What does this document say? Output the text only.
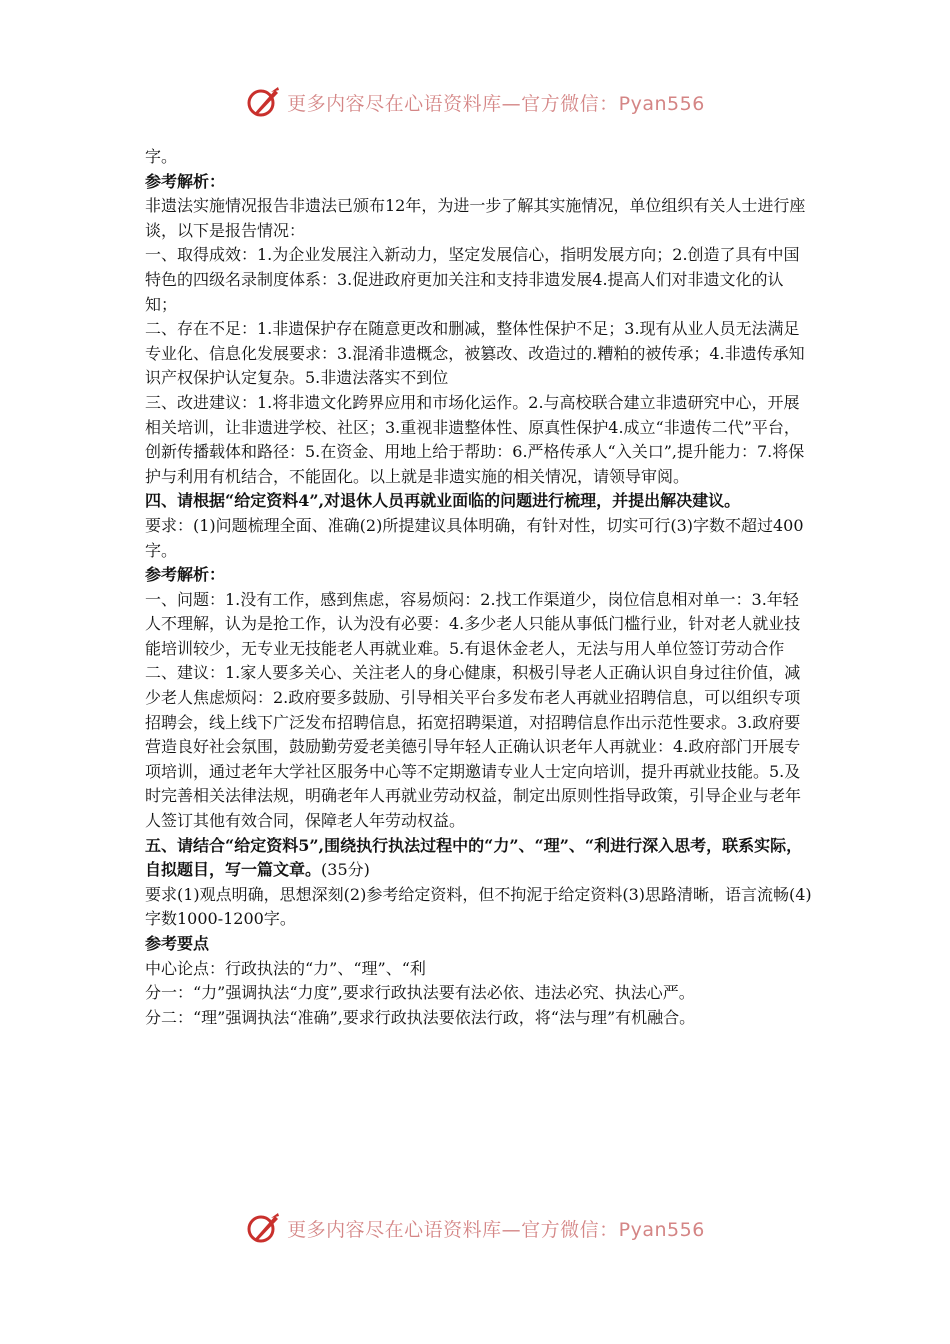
更多内容尽在心语资料库—官方微信：Pyan556

字。

参考解析：

非遗法实施情况报告非遗法已颁布12年，为进一步了解其实施情况，单位组织有关人士进行座谈，以下是报告情况：

一、取得成效：1.为企业发展注入新动力，坚定发展信心，指明发展方向；2.创造了具有中国特色的四级名录制度体系：3.促进政府更加关注和支持非遗发展4.提高人们对非遗文化的认知；

二、存在不足：1.非遗保护存在随意更改和删减，整体性保护不足；3.现有从业人员无法满足专业化、信息化发展要求：3.混淆非遗概念，被篡改、改造过的.糟粕的被传承；4.非遗传承知识产权保护认定复杂。5.非遗法落实不到位

三、改进建议：1.将非遗文化跨界应用和市场化运作。2.与高校联合建立非遗研究中心，开展相关培训，让非遗进学校、社区；3.重视非遗整体性、原真性保护4.成立“非遗传二代”平台，创新传播载体和路径：5.在资金、用地上给于帮助：6.严格传承人“入关口”,提升能力：7.将保护与利用有机结合，不能固化。以上就是非遗实施的相关情况，请领导审阅。

四、请根据“给定资料4”,对退休人员再就业面临的问题进行梳理，并提出解决建议。

要求：(1)问题梳理全面、准确(2)所提建议具体明确，有针对性，切实可行(3)字数不超过400字。

参考解析：

一、问题：1.没有工作，感到焦虑，容易烦闷：2.找工作渠道少，岗位信息相对单一：3.年轻人不理解，认为是抢工作，认为没有必要：4.多少老人只能从事低门槛行业，针对老人就业技能培训较少，无专业无技能老人再就业难。5.有退休金老人，无法与用人单位签订劳动合作

二、建议：1.家人要多关心、关注老人的身心健康，积极引导老人正确认识自身过往价值，减少老人焦虑烦闷：2.政府要多鼓励、引导相关平台多发布老人再就业招聘信息，可以组织专项招聘会，线上线下广泛发布招聘信息，拓宽招聘渠道，对招聘信息作出示范性要求。3.政府要营造良好社会氛围，鼓励勤劳爱老美德引导年轻人正确认识老年人再就业：4.政府部门开展专项培训，通过老年大学社区服务中心等不定期邀请专业人士定向培训，提升再就业技能。5.及时完善相关法律法规，明确老年人再就业劳动权益，制定出原则性指导政策，引导企业与老年人签订其他有效合同，保障老人年劳动权益。

五、请结合“给定资料5”,围绕执行执法过程中的“力”、“理”、“利进行深入思考，联系实际，自拟题目，写一篇文章。(35分)

要求(1)观点明确，思想深刻(2)参考给定资料，但不拘泥于给定资料(3)思路清晰，语言流畅(4)字数1000-1200字。

参考要点

中心论点：行政执法的“力”、“理”、“利

分一：“力”强调执法“力度”,要求行政执法要有法必依、违法必究、执法心严。

分二：“理”强调执法“准确”,要求行政执法要依法行政，将“法与理”有机融合。

更多内容尽在心语资料库—官方微信：Pyan556
